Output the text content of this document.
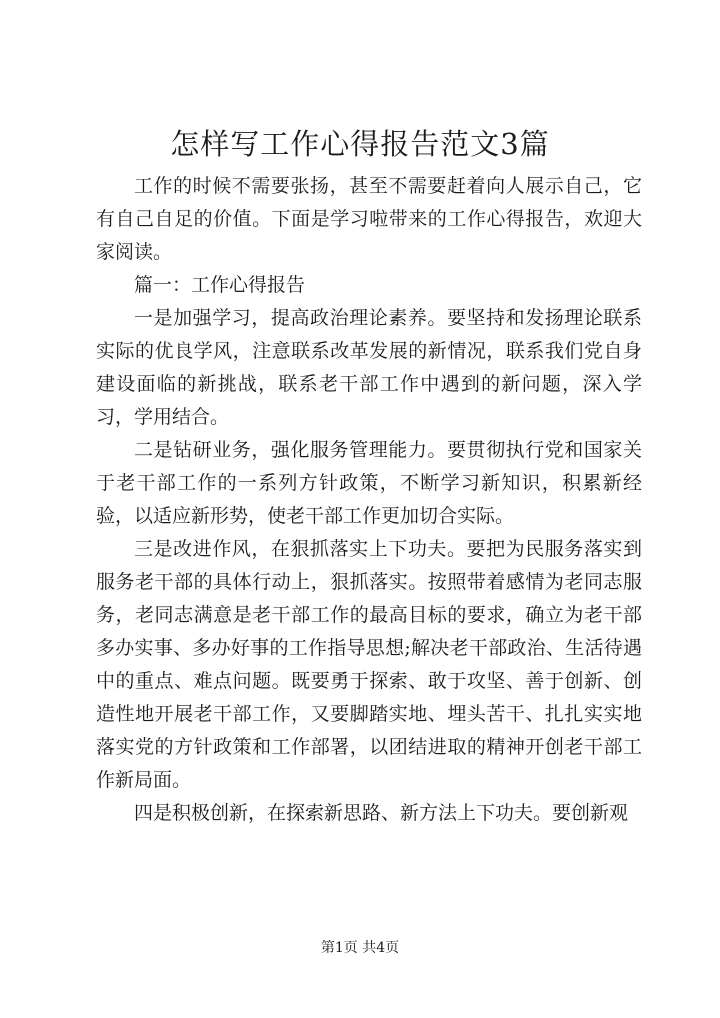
怎样写工作心得报告范文3篇

工作的时候不需要张扬，甚至不需要赶着向人展示自己，它有自己自足的价值。下面是学习啦带来的工作心得报告，欢迎大家阅读。

篇一：工作心得报告

一是加强学习，提高政治理论素养。要坚持和发扬理论联系实际的优良学风，注意联系改革发展的新情况，联系我们党自身建设面临的新挑战，联系老干部工作中遇到的新问题，深入学习，学用结合。

二是钻研业务，强化服务管理能力。要贯彻执行党和国家关于老干部工作的一系列方针政策，不断学习新知识，积累新经验，以适应新形势，使老干部工作更加切合实际。

三是改进作风，在狠抓落实上下功夫。要把为民服务落实到服务老干部的具体行动上，狠抓落实。按照带着感情为老同志服务，老同志满意是老干部工作的最高目标的要求，确立为老干部多办实事、多办好事的工作指导思想;解决老干部政治、生活待遇中的重点、难点问题。既要勇于探索、敢于攻坚、善于创新、创造性地开展老干部工作，又要脚踏实地、埋头苦干、扎扎实实地落实党的方针政策和工作部署，以团结进取的精神开创老干部工作新局面。

四是积极创新，在探索新思路、新方法上下功夫。要创新观

第1页 共4页
